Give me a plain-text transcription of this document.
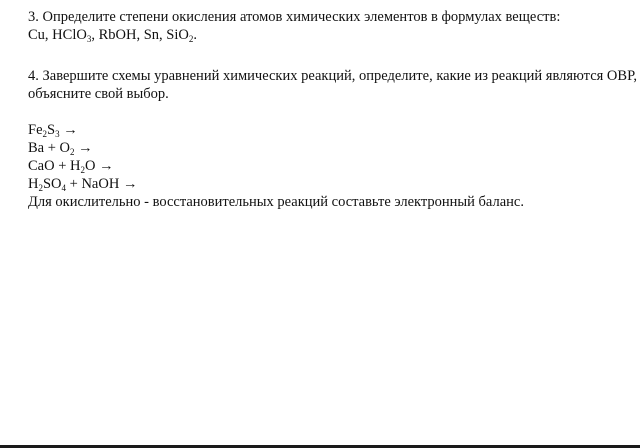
3. Определите степени окисления атомов химических элементов в формулах веществ:
Cu, HClO$_3$, RbOH, Sn, SiO$_2$.
4. Завершите схемы уравнений химических реакций, определите, какие из реакций являются ОВР,
объясните свой выбор.
$Fe_2S_3$ →
$Ba + O_2$ →
CaO + $H_2O$ →
$H_2SO_4$ + NaOH →
Для окислительно - восстановительных реакций составьте электронный баланс.
